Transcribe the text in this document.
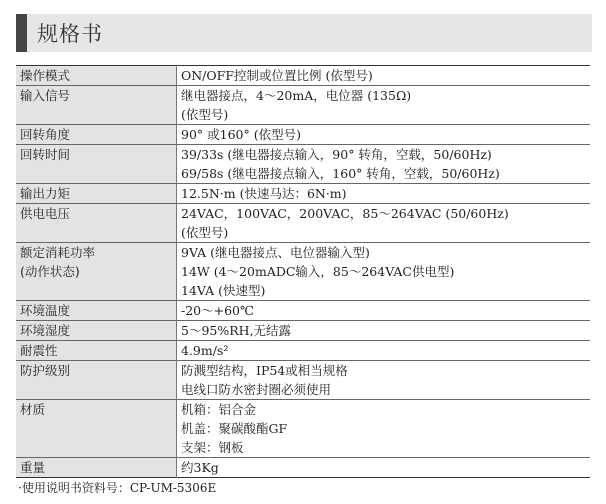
规格书
操作模式	ON/OFF控制或位置比例 (依型号)

输入信号	继电器接点，4～20mA，电位器 (135Ω)
(依型号)

回转角度	90° 或160° (依型号)

回转时间	39/33s (继电器接点输入，90° 转角，空载，50/60Hz)
69/58s (继电器接点输入，160° 转角，空载，50/60Hz)

输出力矩	12.5N·m (快速马达：6N·m)

供电电压	24VAC，100VAC，200VAC，85～264VAC (50/60Hz)
(依型号)

额定消耗功率
(动作状态)	9VA (继电器接点、电位器输入型)
14W (4～20mADC输入，85～264VAC供电型)
14VA (快速型)

环境温度	-20～+60℃

环境湿度	5～95%RH,无结露

耐震性	4.9m/s²

防护级别	防溅型结构，IP54或相当规格
电线口防水密封圈必须使用

材质	机箱：铝合金
机盖：聚碳酸酯GF
支架：钢板

重量	约3Kg
·使用说明书资料号：CP-UM-5306E
